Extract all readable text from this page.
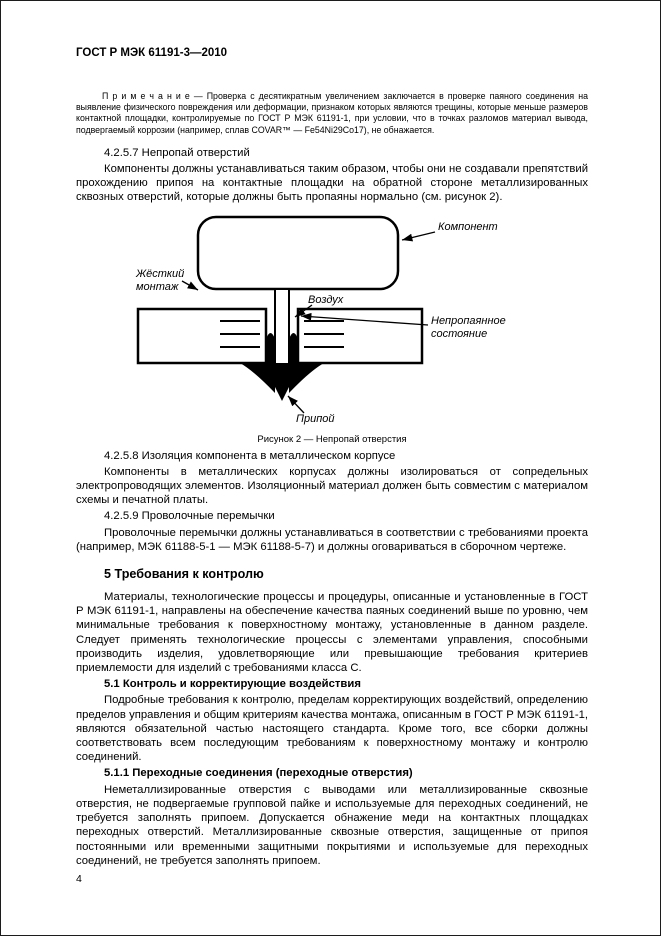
ГОСТ Р МЭК 61191-3—2010

П р и м е ч а н и е — Проверка с десятикратным увеличением заключается в проверке паяного соединения на выявление физического повреждения или деформации, признаком которых являются трещины, которые меньше размеров контактной площадки, контролируемые по ГОСТ Р МЭК 61191-1, при условии, что в точках разломов материал вывода, подвергаемый коррозии (например, сплав COVAR™ — Fe54Ni29Co17), не обнажается.

4.2.5.7 Непропай отверстий

Компоненты должны устанавливаться таким образом, чтобы они не создавали препятствий прохождению припоя на контактные площадки на обратной стороне металлизированных сквозных отверстий, которые должны быть пропаяны нормально (см. рисунок 2).

Компонент
Жёсткий
монтаж
Воздух
Непропаянное
состояние
Припой
Рисунок 2 — Непропай отверстия
4.2.5.8 Изоляция компонента в металлическом корпусе

Компоненты в металлических корпусах должны изолироваться от сопредельных электропроводящих элементов. Изоляционный материал должен быть совместим с материалом схемы и печатной платы.

4.2.5.9 Проволочные перемычки

Проволочные перемычки должны устанавливаться в соответствии с требованиями проекта (например, МЭК 61188-5-1 — МЭК 61188-5-7) и должны оговариваться в сборочном чертеже.

5 Требования к контролю

Материалы, технологические процессы и процедуры, описанные и установленные в ГОСТ Р МЭК 61191-1, направлены на обеспечение качества паяных соединений выше по уровню, чем минимальные требования к поверхностному монтажу, установленные в данном разделе. Следует применять технологические процессы с элементами управления, способными производить изделия, удовлетворяющие или превышающие требования критериев приемлемости для изделий с требованиями класса С.

5.1 Контроль и корректирующие воздействия

Подробные требования к контролю, пределам корректирующих воздействий, определению пределов управления и общим критериям качества монтажа, описанным в ГОСТ Р МЭК 61191-1, являются обязательной частью настоящего стандарта. Кроме того, все сборки должны соответствовать всем последующим требованиям к поверхностному монтажу и контролю соединений.

5.1.1 Переходные соединения (переходные отверстия)

Неметаллизированные отверстия с выводами или металлизированные сквозные отверстия, не подвергаемые групповой пайке и используемые для переходных соединений, не требуется заполнять припоем. Допускается обнажение меди на контактных площадках переходных отверстий. Металлизированные сквозные отверстия, защищенные от припоя постоянными или временными защитными покрытиями и используемые для переходных соединений, не требуется заполнять припоем.

4
